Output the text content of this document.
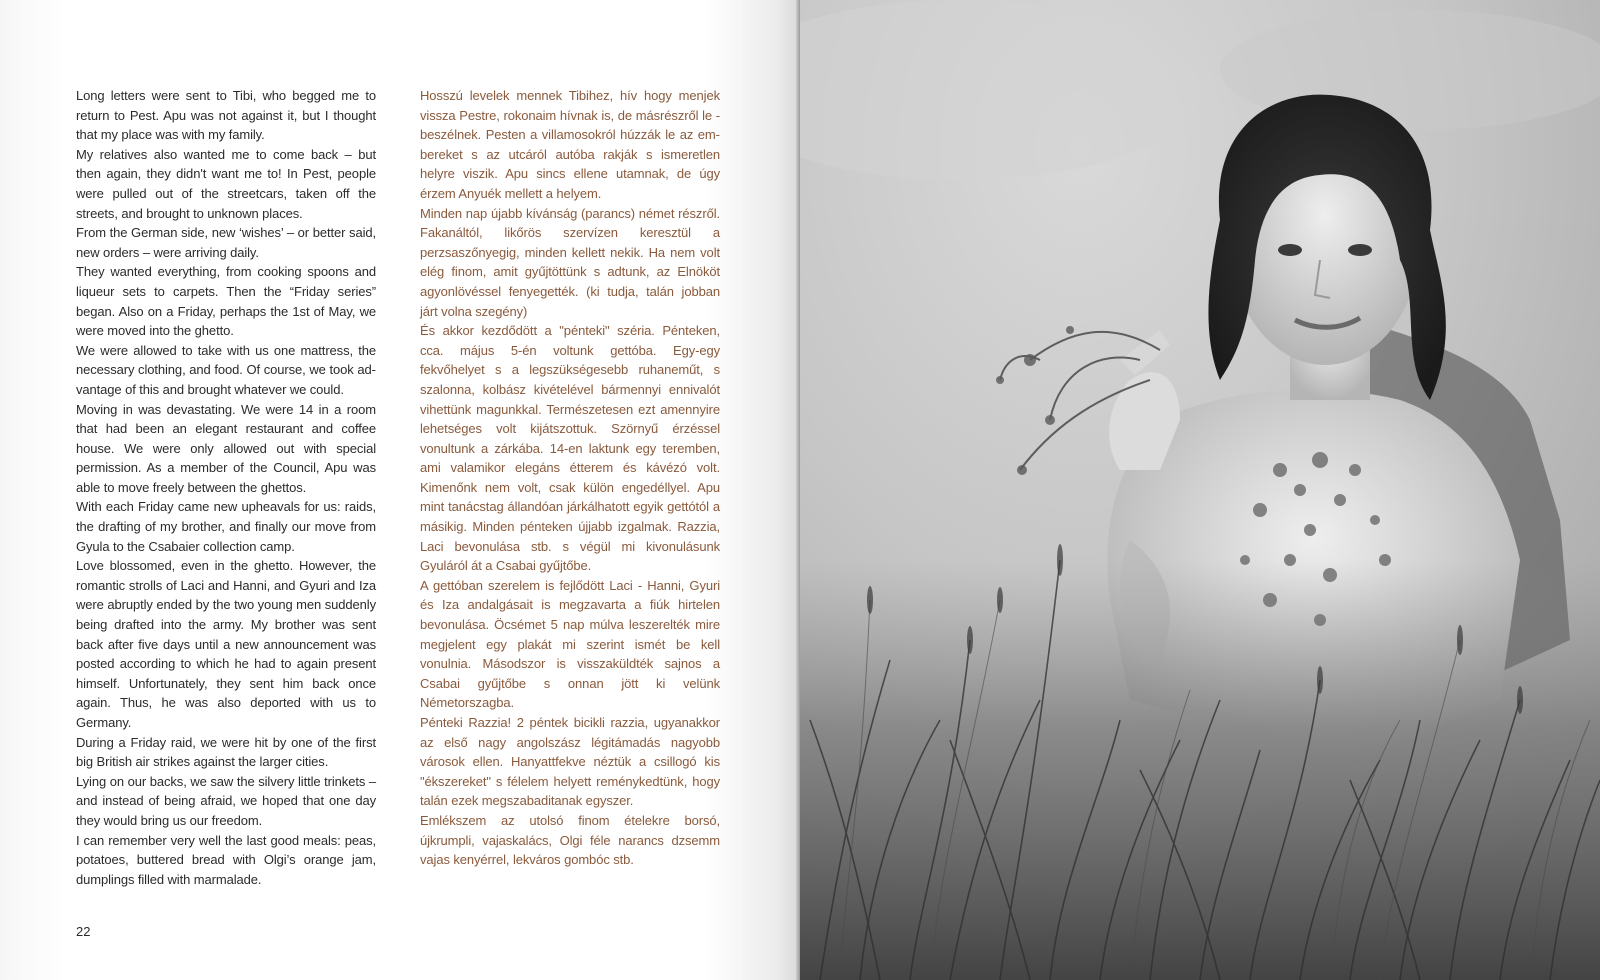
Long letters were sent to Tibi, who begged me to return to Pest. Apu was not against it, but I thought that my place was with my family.

My relatives also wanted me to come back – but then again, they didn't want me to! In Pest, people were pulled out of the streetcars, taken off the streets, and brought to unknown places.

From the German side, new ‘wishes’ – or better said, new orders – were arriving daily.

They wanted everything, from cooking spoons and liqueur sets to carpets. Then the “Friday series” began. Also on a Friday, perhaps the 1st of May, we were moved into the ghetto.

We were allowed to take with us one mattress, the necessary clothing, and food. Of course, we took advantage of this and brought whatever we could.

Moving in was devastating. We were 14 in a room that had been an elegant restaurant and coffee house. We were only allowed out with special permission. As a member of the Council, Apu was able to move freely between the ghettos.

With each Friday came new upheavals for us: raids, the drafting of my brother, and finally our move from Gyula to the Csabaier collection camp.

Love blossomed, even in the ghetto. However, the romantic strolls of Laci and Hanni, and Gyuri and Iza were abruptly ended by the two young men suddenly being drafted into the army. My brother was sent back after five days until a new announcement was posted according to which he had to again present himself. Unfortunately, they sent him back once again. Thus, he was also deported with us to Germany.

During a Friday raid, we were hit by one of the first big British air strikes against the larger cities.

Lying on our backs, we saw the silvery little trinkets – and instead of being afraid, we hoped that one day they would bring us our freedom.

I can remember very well the last good meals: peas, potatoes, buttered bread with Olgi’s orange jam, dumplings filled with marmalade.

Hosszú levelek mennek Tibihez, hív hogy menjek vissza Pestre, rokonaim hívnak is, de másrészről le - beszélnek. Pesten a villamosokról húzzák le az embereket s az utcáról autóba rakják s ismeretlen helyre viszik. Apu sincs ellene utamnak, de úgy érzem Anyuék mellett a helyem.

Minden nap újabb kívánság (parancs) német részről. Fakanáltól, likőrös szervízen keresztül a perzsaszőnyegig, minden kellett nekik. Ha nem volt elég finom, amit gyűjtöttünk s adtunk, az Elnököt agyonlövéssel fenyegették. (ki tudja, talán jobban járt volna szegény)

És akkor kezdődött a "pénteki" széria. Pénteken, cca. május 5-én voltunk gettóba. Egy-egy fekvőhelyet s a legszükségesebb ruhaneműt, s szalonna, kolbász kivételével bármennyi ennivalót vihettünk magunkkal. Természetesen ezt amennyire lehetséges volt kijátszottuk. Szörnyű érzéssel vonultunk a zárkába. 14-en laktunk egy teremben, ami valamikor elegáns étterem és kávézó volt. Kimenőnk nem volt, csak külön engedéllyel. Apu mint tanácstag állandóan járkálhatott egyik gettótól a másikig. Minden pénteken újjabb izgalmak. Razzia, Laci bevonulása stb. s végül mi kivonulásunk Gyuláról át a Csabai gyűjtőbe.

A gettóban szerelem is fejlődött Laci - Hanni, Gyuri és Iza andalgásait is megzavarta a fiúk hirtelen bevonulása. Öcsémet 5 nap múlva leszerelték mire megjelent egy plakát mi szerint ismét be kell vonulnia. Másodszor is visszaküldték sajnos a Csabai gyűjtőbe s onnan jött ki velünk Németorszagba.

Pénteki Razzia! 2 péntek bicikli razzia, ugyanakkor az első nagy angolszász légitámadás nagyobb városok ellen. Hanyattfekve néztük a csillogó kis "ékszereket" s félelem helyett reménykedtünk, hogy talán ezek megszabaditanak egyszer.

Emlékszem az utolsó finom ételekre borsó, újkrumpli, vajaskalács, Olgi féle narancs dzsemm vajas kenyérrel, lekváros gombóc stb.

22
